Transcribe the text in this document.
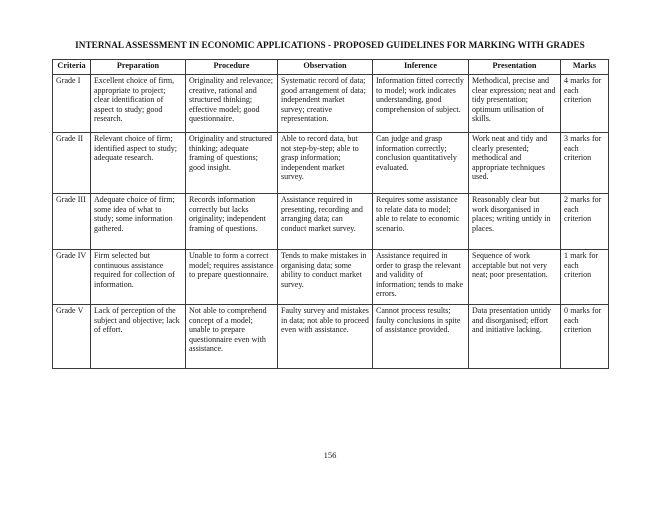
INTERNAL ASSESSMENT IN ECONOMIC APPLICATIONS - PROPOSED GUIDELINES FOR MARKING WITH GRADES
Criteria	Preparation	Procedure	Observation	Inference	Presentation	Marks
Grade I	Excellent choice of firm, appropriate to project; clear identification of aspect to study; good research.	Originality and relevance; creative, rational and structured thinking; effective model; good questionnaire.	Systematic record of data; good arrangement of data; independent market survey; creative representation.	Information fitted correctly to model; work indicates understanding, good comprehension of subject.	Methodical, precise and clear expression; neat and tidy presentation; optimum utilisation of skills.	4 marks for each criterion
Grade II	Relevant choice of firm; identified aspect to study; adequate research.	Originality and structured thinking; adequate framing of questions; good insight.	Able to record data, but not step-by-step; able to grasp information; independent market survey.	Can judge and grasp information correctly; conclusion quantitatively evaluated.	Work neat and tidy and clearly presented; methodical and appropriate techniques used.	3 marks for each criterion
Grade III	Adequate choice of firm; some idea of what to study; some information gathered.	Records information correctly but lacks originality; independent framing of questions.	Assistance required in presenting, recording and arranging data; can conduct market survey.	Requires some assistance to relate data to model; able to relate to economic scenario.	Reasonably clear but work disorganised in places; writing untidy in places.	2 marks for each criterion
Grade IV	Firm selected but continuous assistance required for collection of information.	Unable to form a correct model; requires assistance to prepare questionnaire.	Tends to make mistakes in organising data; some ability to conduct market survey.	Assistance required in order to grasp the relevant and validity of information; tends to make errors.	Sequence of work acceptable but not very neat; poor presentation.	1 mark for each criterion
Grade V	Lack of perception of the subject and objective; lack of effort.	Not able to comprehend concept of a model; unable to prepare questionnaire even with assistance.	Faulty survey and mistakes in data; not able to proceed even with assistance.	Cannot process results; faulty conclusions in spite of assistance provided.	Data presentation untidy and disorganised; effort and initiative lacking.	0 marks for each criterion
156
